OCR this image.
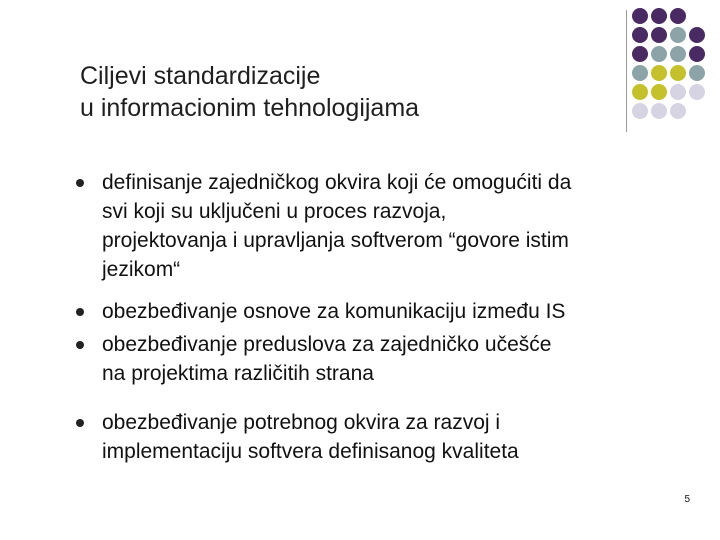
Ciljevi standardizacije
u informacionim tehnologijama
definisanje zajedničkog okvira koji će omogućiti da
svi koji su uključeni u proces razvoja,
projektovanja i upravljanja softverom “govore istim
jezikom“
obezbeđivanje osnove za komunikaciju između IS
obezbeđivanje preduslova za zajedničko učešće
na projektima različitih strana
obezbeđivanje potrebnog okvira za razvoj i
implementaciju softvera definisanog kvaliteta
5
